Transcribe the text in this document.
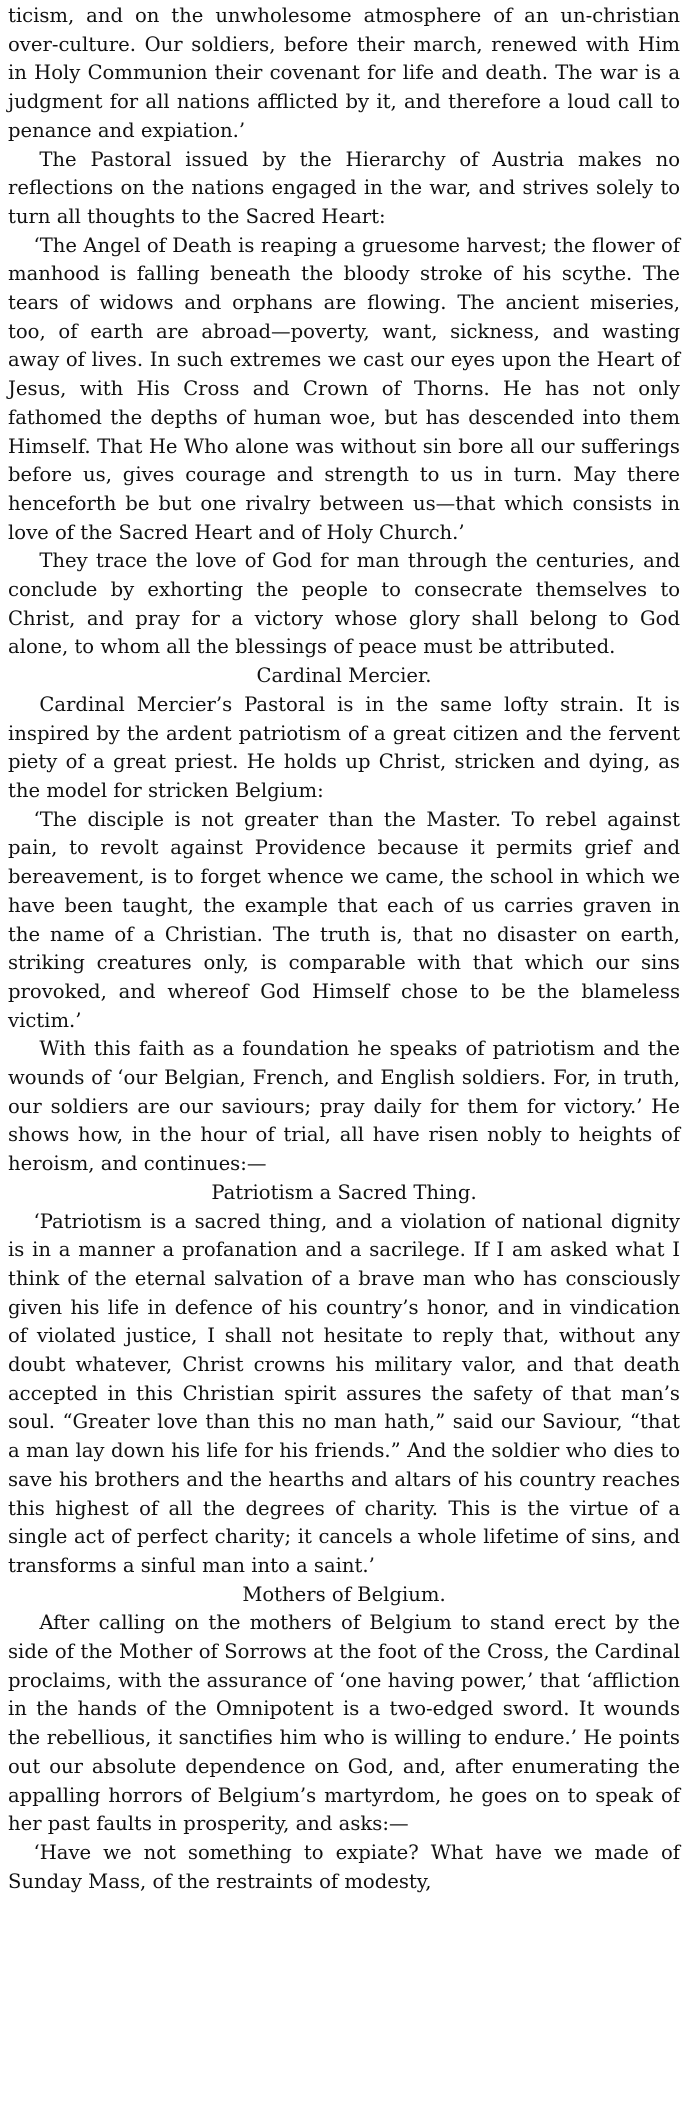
ticism, and on the unwholesome atmosphere of an un-christian over-culture. Our soldiers, before their march, renewed with Him in Holy Communion their covenant for life and death. The war is a judgment for all nations afflicted by it, and therefore a loud call to penance and expiation.’

The Pastoral issued by the Hierarchy of Austria makes no reflections on the nations engaged in the war, and strives solely to turn all thoughts to the Sacred Heart:

‘The Angel of Death is reaping a gruesome harvest; the flower of manhood is falling beneath the bloody stroke of his scythe. The tears of widows and orphans are flowing. The ancient miseries, too, of earth are abroad—poverty, want, sickness, and wasting away of lives. In such extremes we cast our eyes upon the Heart of Jesus, with His Cross and Crown of Thorns. He has not only fathomed the depths of human woe, but has descended into them Himself. That He Who alone was without sin bore all our sufferings before us, gives courage and strength to us in turn. May there henceforth be but one rivalry between us—that which consists in love of the Sacred Heart and of Holy Church.’

They trace the love of God for man through the centuries, and conclude by exhorting the people to consecrate themselves to Christ, and pray for a victory whose glory shall belong to God alone, to whom all the blessings of peace must be attributed.

Cardinal Mercier.

Cardinal Mercier’s Pastoral is in the same lofty strain. It is inspired by the ardent patriotism of a great citizen and the fervent piety of a great priest. He holds up Christ, stricken and dying, as the model for stricken Belgium:

‘The disciple is not greater than the Master. To rebel against pain, to revolt against Providence because it permits grief and bereavement, is to forget whence we came, the school in which we have been taught, the example that each of us carries graven in the name of a Christian. The truth is, that no disaster on earth, striking creatures only, is comparable with that which our sins provoked, and whereof God Himself chose to be the blameless victim.’

With this faith as a foundation he speaks of patriotism and the wounds of ‘our Belgian, French, and English soldiers. For, in truth, our soldiers are our saviours; pray daily for them for victory.’ He shows how, in the hour of trial, all have risen nobly to heights of heroism, and continues:—

Patriotism a Sacred Thing.

‘Patriotism is a sacred thing, and a violation of national dignity is in a manner a profanation and a sacrilege. If I am asked what I think of the eternal salvation of a brave man who has consciously given his life in defence of his country’s honor, and in vindication of violated justice, I shall not hesitate to reply that, without any doubt whatever, Christ crowns his military valor, and that death accepted in this Christian spirit assures the safety of that man’s soul. “Greater love than this no man hath,” said our Saviour, “that a man lay down his life for his friends.” And the soldier who dies to save his brothers and the hearths and altars of his country reaches this highest of all the degrees of charity. This is the virtue of a single act of perfect charity; it cancels a whole lifetime of sins, and transforms a sinful man into a saint.’

Mothers of Belgium.

After calling on the mothers of Belgium to stand erect by the side of the Mother of Sorrows at the foot of the Cross, the Cardinal proclaims, with the assurance of ‘one having power,’ that ‘affliction in the hands of the Omnipotent is a two-edged sword. It wounds the rebellious, it sanctifies him who is willing to endure.’ He points out our absolute dependence on God, and, after enumerating the appalling horrors of Belgium’s martyrdom, he goes on to speak of her past faults in prosperity, and asks:—

‘Have we not something to expiate? What have we made of Sunday Mass, of the restraints of modesty,
